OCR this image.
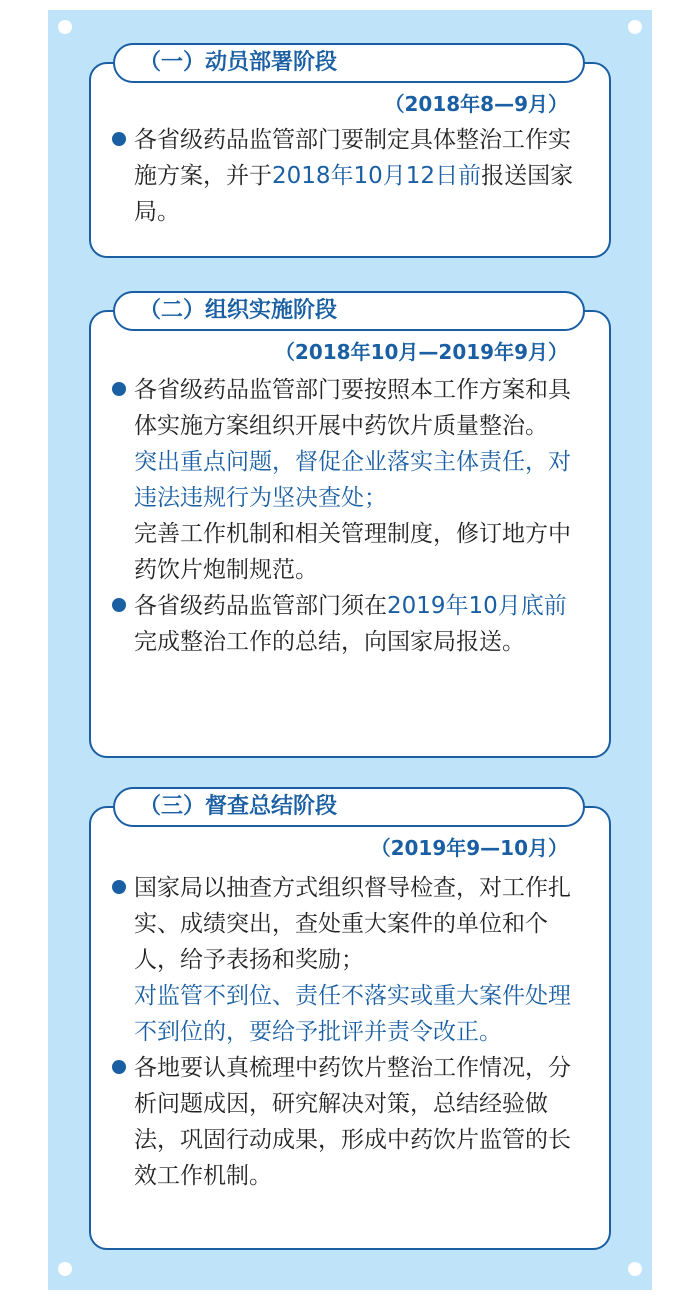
（一）动员部署阶段
（2018年8—9月）

各省级药品监管部门要制定具体整治工作实施方案，并于2018年10月12日前报送国家局。

（二）组织实施阶段
（2018年10月—2019年9月）

各省级药品监管部门要按照本工作方案和具体实施方案组织开展中药饮片质量整治。

突出重点问题，督促企业落实主体责任，对违法违规行为坚决查处；

完善工作机制和相关管理制度，修订地方中药饮片炮制规范。

各省级药品监管部门须在2019年10月底前完成整治工作的总结，向国家局报送。

（三）督查总结阶段
（2019年9—10月）

国家局以抽查方式组织督导检查，对工作扎实、成绩突出，查处重大案件的单位和个人，给予表扬和奖励；

对监管不到位、责任不落实或重大案件处理不到位的，要给予批评并责令改正。

各地要认真梳理中药饮片整治工作情况，分析问题成因，研究解决对策，总结经验做法，巩固行动成果，形成中药饮片监管的长效工作机制。
